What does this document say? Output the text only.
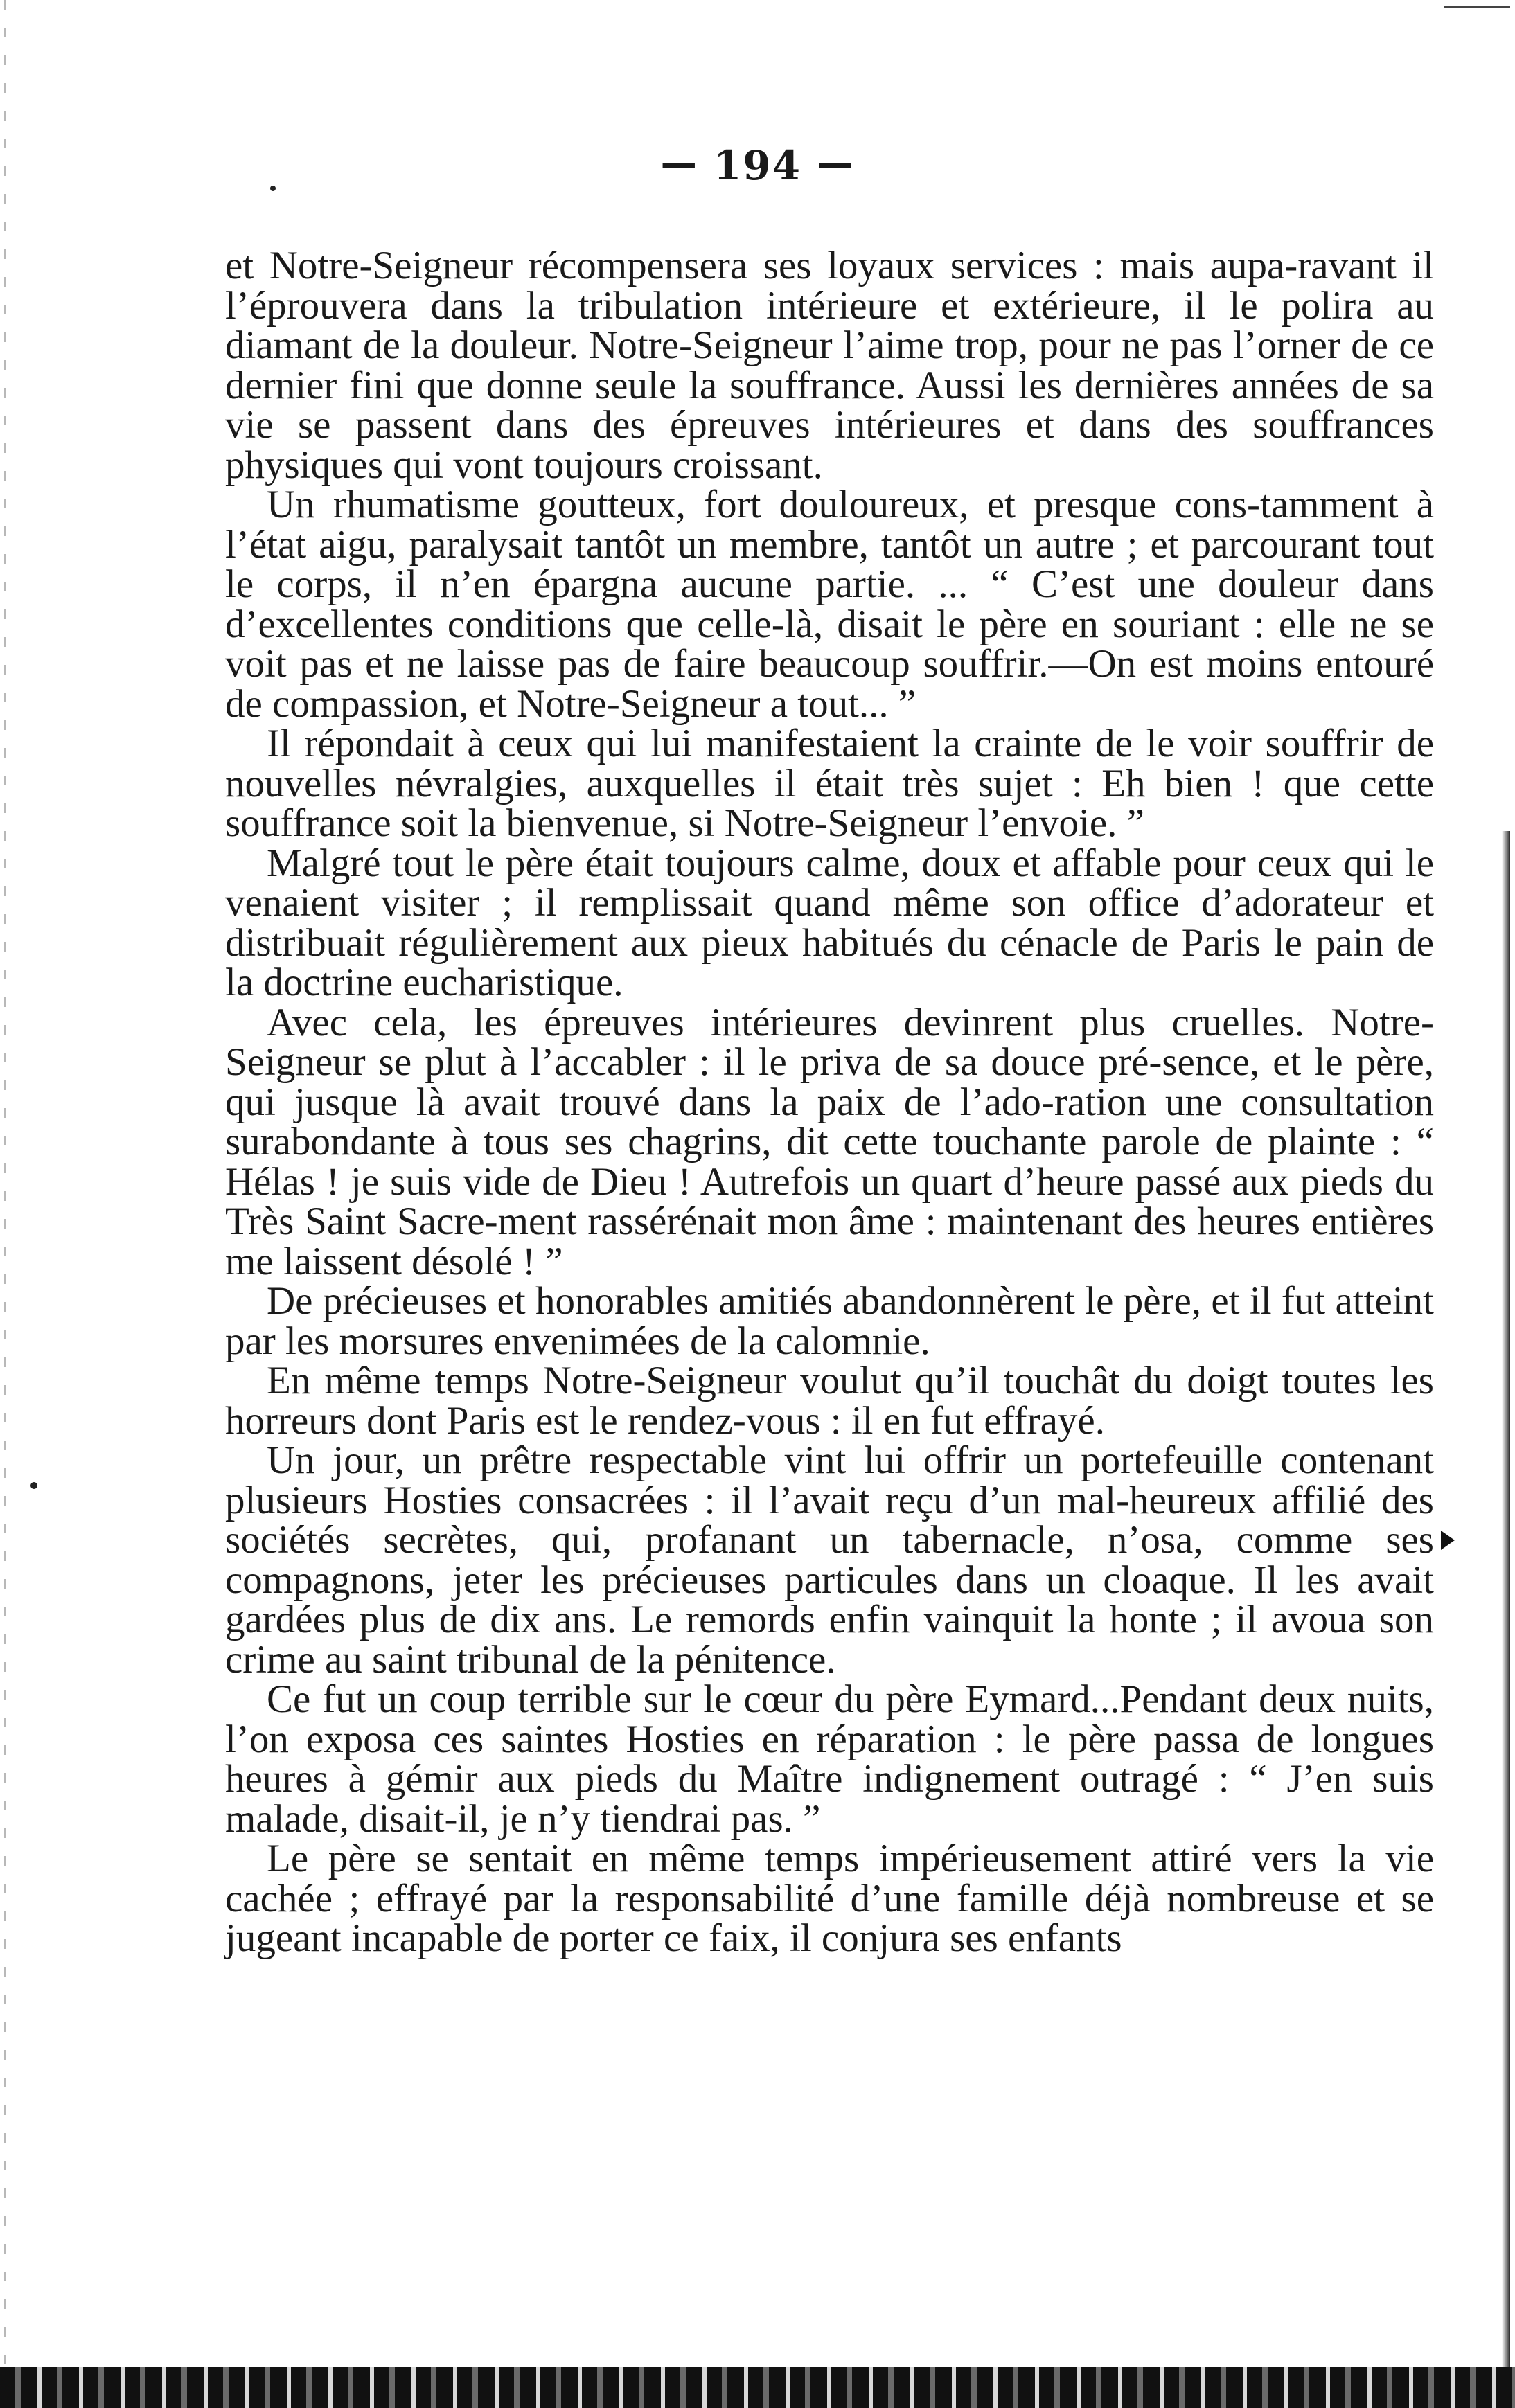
— 194 —

et Notre-Seigneur récompensera ses loyaux services : mais aupa-ravant il l’éprouvera dans la tribulation intérieure et extérieure, il le polira au diamant de la douleur. Notre-Seigneur l’aime trop, pour ne pas l’orner de ce dernier fini que donne seule la souffrance. Aussi les dernières années de sa vie se passent dans des épreuves intérieures et dans des souffrances physiques qui vont toujours croissant.

Un rhumatisme goutteux, fort douloureux, et presque cons-tamment à l’état aigu, paralysait tantôt un membre, tantôt un autre ; et parcourant tout le corps, il n’en épargna aucune partie. ... “ C’est une douleur dans d’excellentes conditions que celle-là, disait le père en souriant : elle ne se voit pas et ne laisse pas de faire beaucoup souffrir.—On est moins entouré de compassion, et Notre-Seigneur a tout... ”

Il répondait à ceux qui lui manifestaient la crainte de le voir souffrir de nouvelles névralgies, auxquelles il était très sujet : Eh bien ! que cette souffrance soit la bienvenue, si Notre-Seigneur l’envoie. ”

Malgré tout le père était toujours calme, doux et affable pour ceux qui le venaient visiter ; il remplissait quand même son office d’adorateur et distribuait régulièrement aux pieux habitués du cénacle de Paris le pain de la doctrine eucharistique.

Avec cela, les épreuves intérieures devinrent plus cruelles. Notre-Seigneur se plut à l’accabler : il le priva de sa douce pré-sence, et le père, qui jusque là avait trouvé dans la paix de l’ado-ration une consultation surabondante à tous ses chagrins, dit cette touchante parole de plainte : “ Hélas ! je suis vide de Dieu ! Autrefois un quart d’heure passé aux pieds du Très Saint Sacre-ment rassérénait mon âme : maintenant des heures entières me laissent désolé ! ”

De précieuses et honorables amitiés abandonnèrent le père, et il fut atteint par les morsures envenimées de la calomnie.

En même temps Notre-Seigneur voulut qu’il touchât du doigt toutes les horreurs dont Paris est le rendez-vous : il en fut effrayé.

Un jour, un prêtre respectable vint lui offrir un portefeuille contenant plusieurs Hosties consacrées : il l’avait reçu d’un mal-heureux affilié des sociétés secrètes, qui, profanant un tabernacle, n’osa, comme ses compagnons, jeter les précieuses particules dans un cloaque. Il les avait gardées plus de dix ans. Le remords enfin vainquit la honte ; il avoua son crime au saint tribunal de la pénitence.

Ce fut un coup terrible sur le cœur du père Eymard...Pendant deux nuits, l’on exposa ces saintes Hosties en réparation : le père passa de longues heures à gémir aux pieds du Maître indignement outragé : “ J’en suis malade, disait-il, je n’y tiendrai pas. ”

Le père se sentait en même temps impérieusement attiré vers la vie cachée ; effrayé par la responsabilité d’une famille déjà nombreuse et se jugeant incapable de porter ce faix, il conjura ses enfants
